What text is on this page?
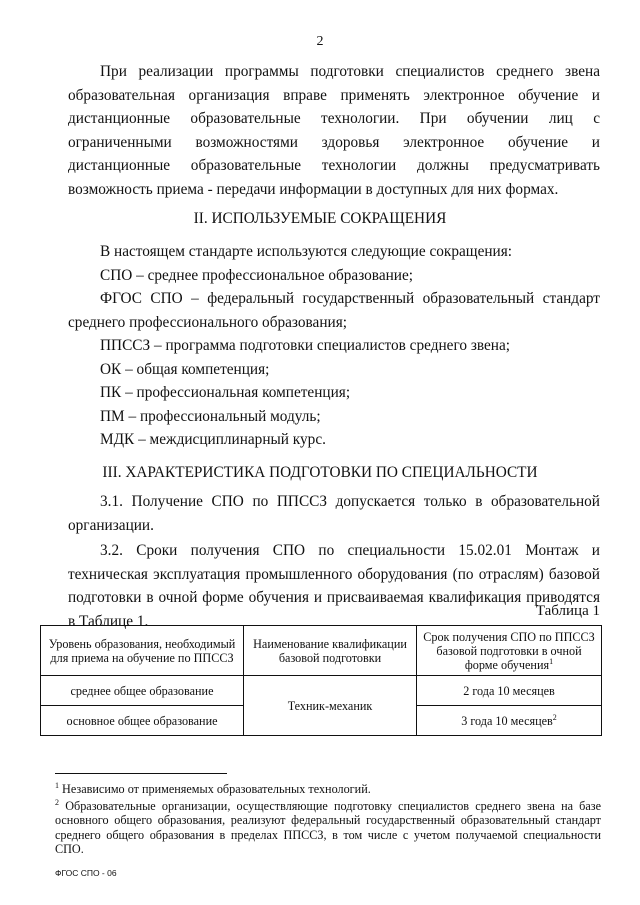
2

При реализации программы подготовки специалистов среднего звена образовательная организация вправе применять электронное обучение и дистанционные образовательные технологии. При обучении лиц с ограниченными возможностями здоровья электронное обучение и дистанционные образовательные технологии должны предусматривать возможность приема - передачи информации в доступных для них формах.

II. ИСПОЛЬЗУЕМЫЕ СОКРАЩЕНИЯ

В настоящем стандарте используются следующие сокращения:

СПО – среднее профессиональное образование;

ФГОС СПО – федеральный государственный образовательный стандарт среднего профессионального образования;

ППССЗ – программа подготовки специалистов среднего звена;

ОК – общая компетенция;

ПК – профессиональная компетенция;

ПМ – профессиональный модуль;

МДК – междисциплинарный курс.

III. ХАРАКТЕРИСТИКА ПОДГОТОВКИ ПО СПЕЦИАЛЬНОСТИ

3.1. Получение СПО по ППССЗ допускается только в образовательной организации.

3.2. Сроки получения СПО по специальности 15.02.01 Монтаж и техническая эксплуатация промышленного оборудования (по отраслям) базовой подготовки в очной форме обучения и присваиваемая квалификация приводятся в Таблице 1.

Таблица 1
Уровень образования, необходимый для приема на обучение по ППССЗ	Наименование квалификации базовой подготовки	Срок получения СПО по ППССЗ базовой подготовки в очной форме обучения$^1$
среднее общее образование	Техник-механик	2 года 10 месяцев
основное общее образование		3 года 10 месяцев$^2$

$^1$ Независимо от применяемых образовательных технологий.

$^2$ Образовательные организации, осуществляющие подготовку специалистов среднего звена на базе основного общего образования, реализуют федеральный государственный образовательный стандарт среднего общего образования в пределах ППССЗ, в том числе с учетом получаемой специальности СПО.

ФГОС СПО - 06
